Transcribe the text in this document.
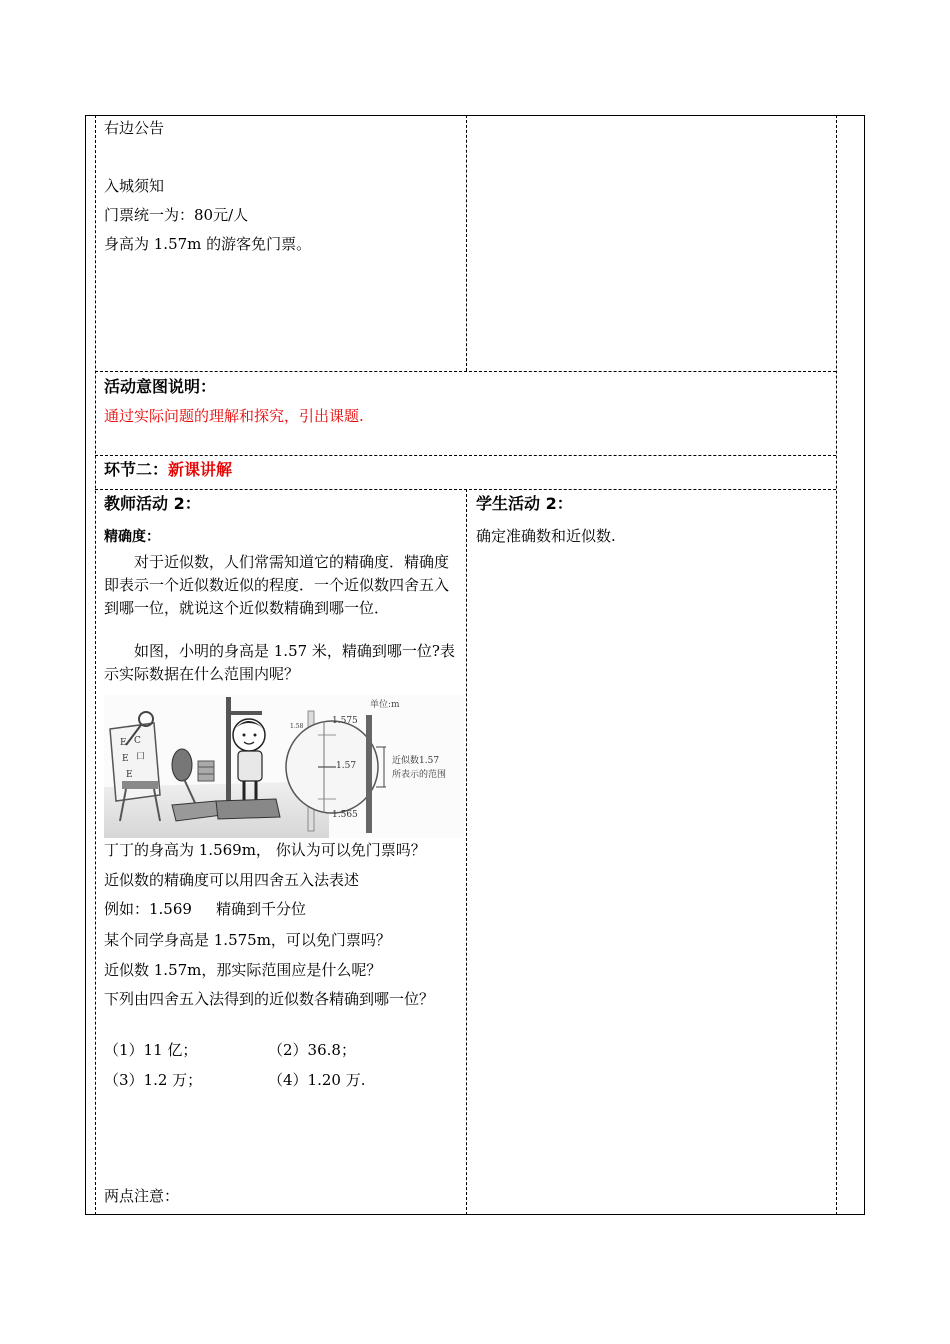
右边公告
入城须知
门票统一为：80元/人
身高为 1.57m 的游客免门票。
活动意图说明：
通过实际问题的理解和探究，引出课题.
环节二：新课讲解
教师活动 2：
精确度：
对于近似数，人们常需知道它的精确度．精确度即表示一个近似数近似的程度．一个近似数四舍五入到哪一位，就说这个近似数精确到哪一位．
如图，小明的身高是 1.57 米，精确到哪一位?表示实际数据在什么范围内呢？
E C
E 口
E
1.58
1.575
1.57
1.565
单位:m
近似数1.57
所表示的范围
丁丁的身高为 1.569m， 你认为可以免门票吗？
近似数的精确度可以用四舍五入法表述
例如：1.569 精确到千分位
某个同学身高是 1.575m，可以免门票吗？
近似数 1.57m，那实际范围应是什么呢？
下列由四舍五入法得到的近似数各精确到哪一位？
（1）11 亿；	（2）36.8；
（3）1.2 万；	（4）1.20 万.
两点注意：
学生活动 2：
确定准确数和近似数.
